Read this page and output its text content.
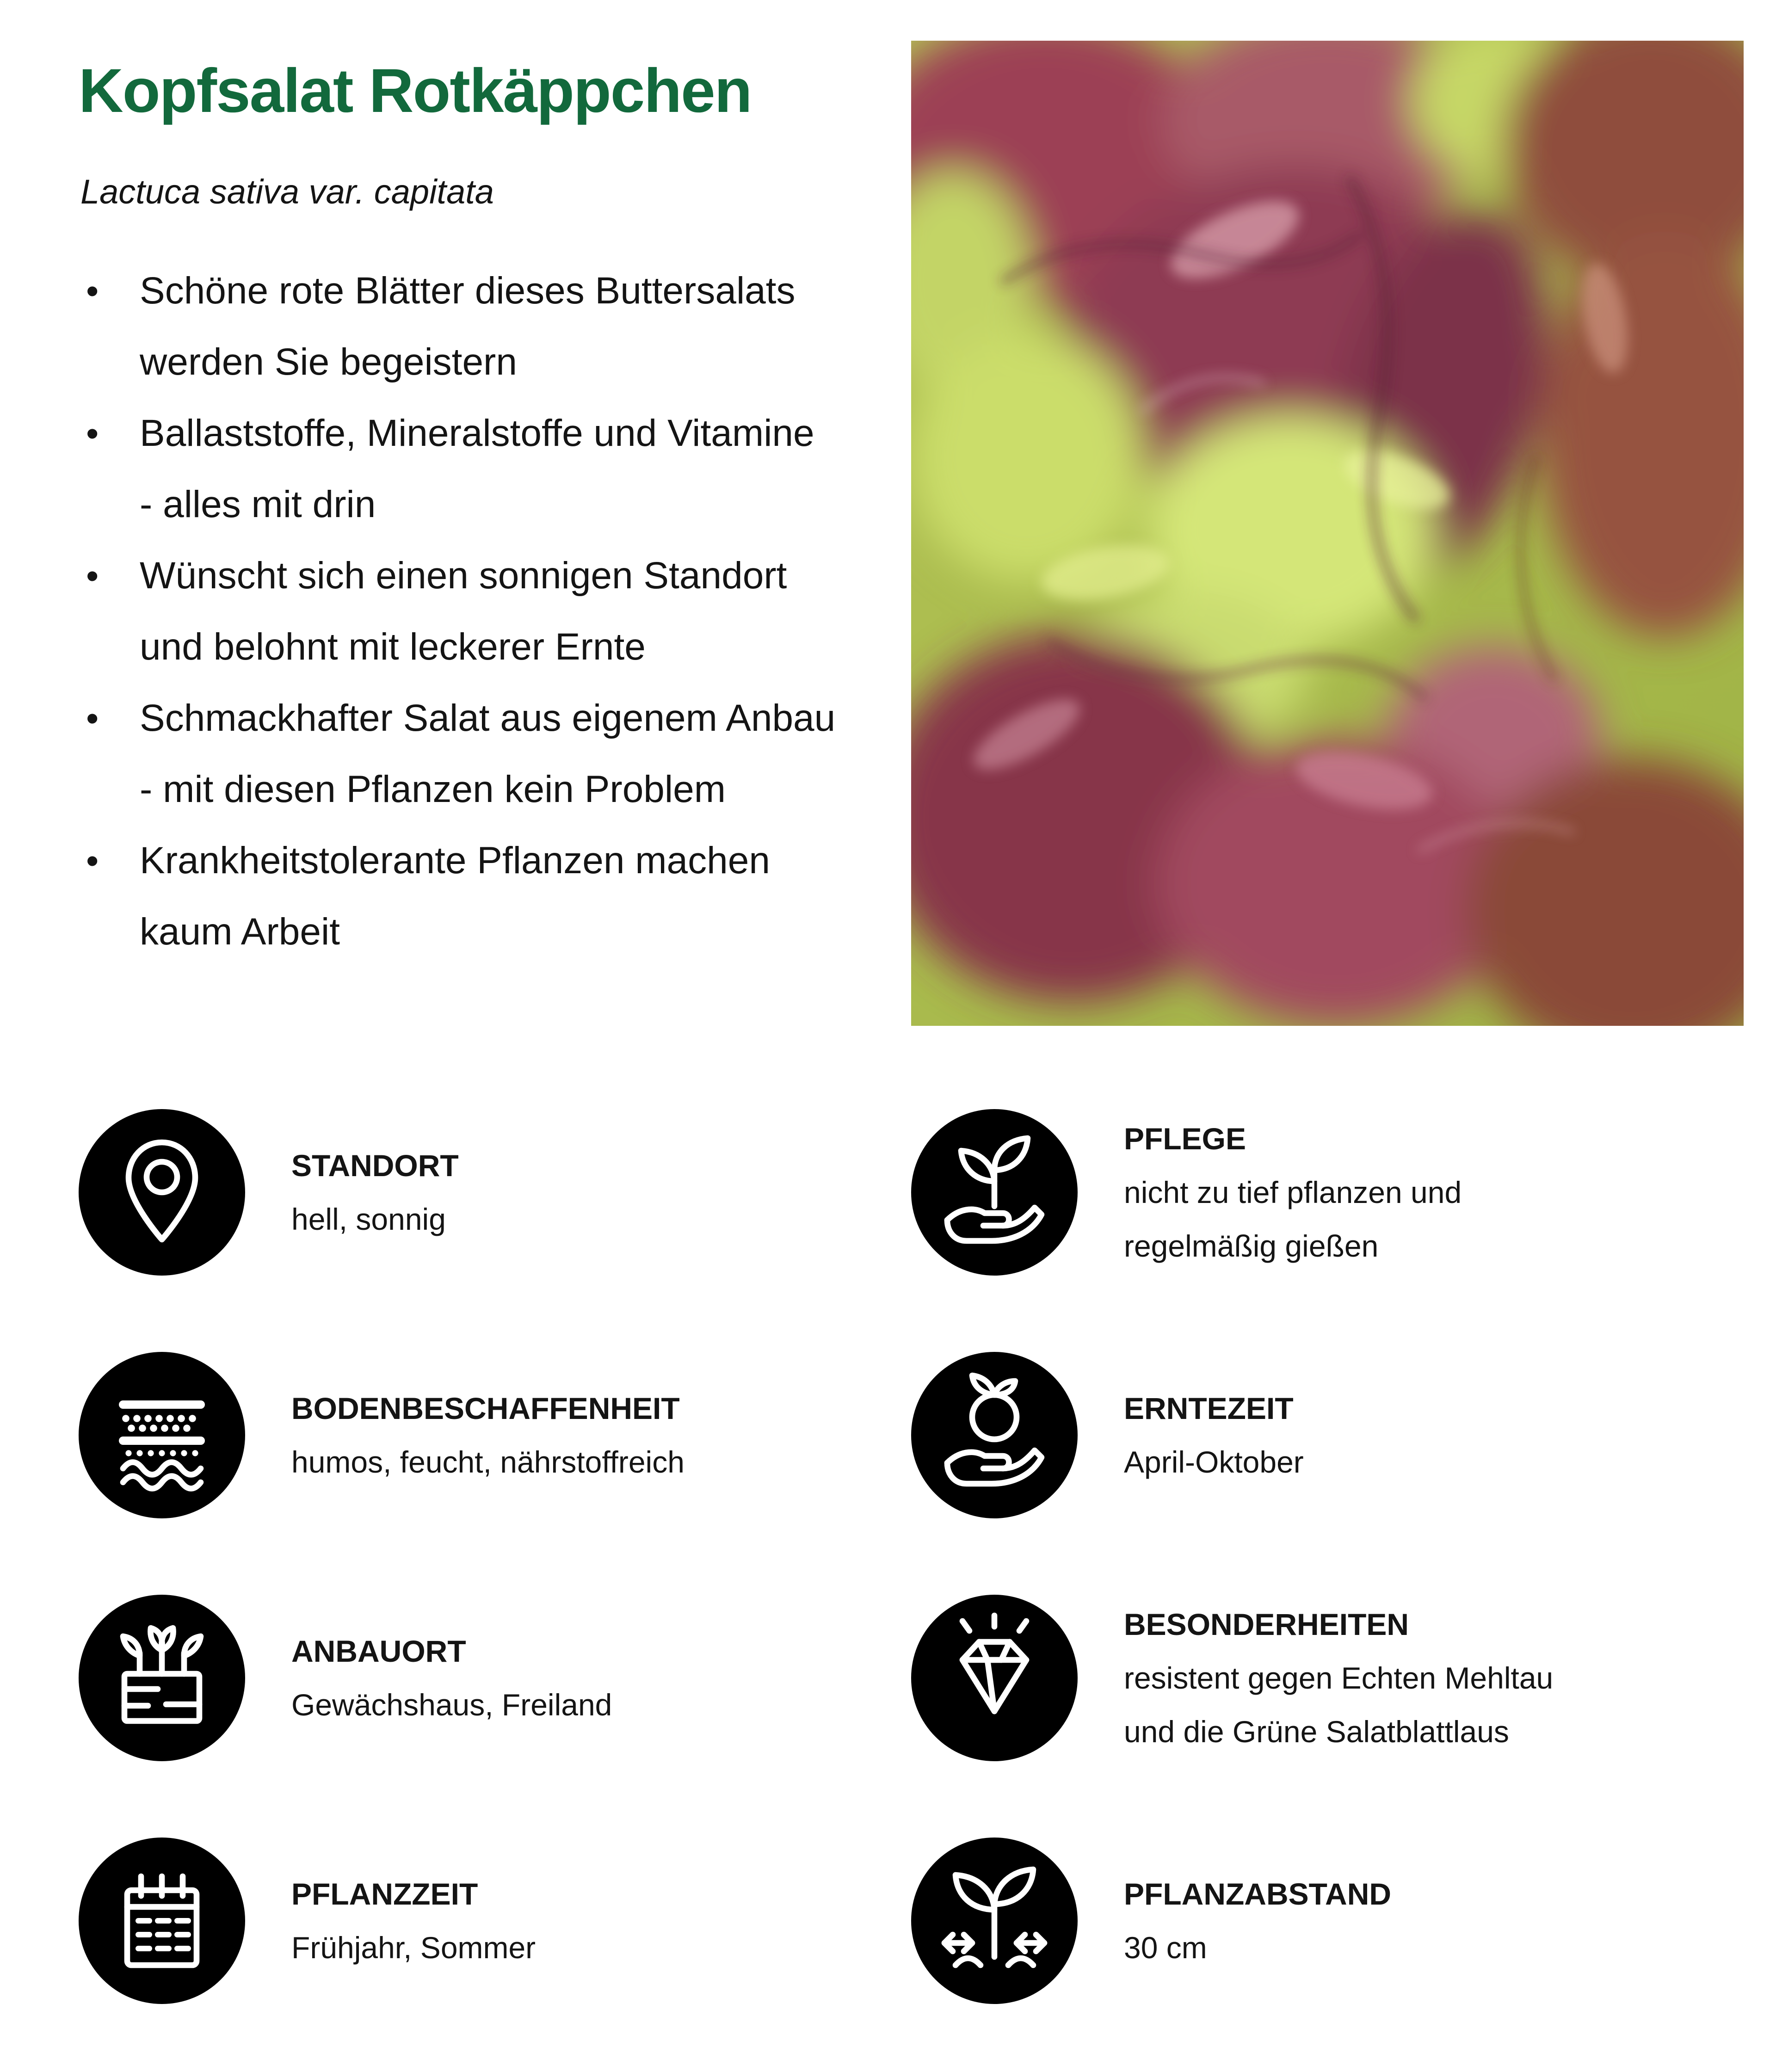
Kopfsalat Rotkäppchen
Lactuca sativa var. capitata
• Schöne rote Blätter dieses Buttersalats
werden Sie begeistern
• Ballaststoffe, Mineralstoffe und Vitamine
- alles mit drin
• Wünscht sich einen sonnigen Standort
und belohnt mit leckerer Ernte
• Schmackhafter Salat aus eigenem Anbau
- mit diesen Pflanzen kein Problem
• Krankheitstolerante Pflanzen machen
kaum Arbeit
STANDORT
hell, sonnig
PFLEGE
nicht zu tief pflanzen und
regelmäßig gießen
BODENBESCHAFFENHEIT
humos, feucht, nährstoffreich
ERNTEZEIT
April-Oktober
ANBAUORT
Gewächshaus, Freiland
BESONDERHEITEN
resistent gegen Echten Mehltau
und die Grüne Salatblattlaus
PFLANZZEIT
Frühjahr, Sommer
PFLANZABSTAND
30 cm
